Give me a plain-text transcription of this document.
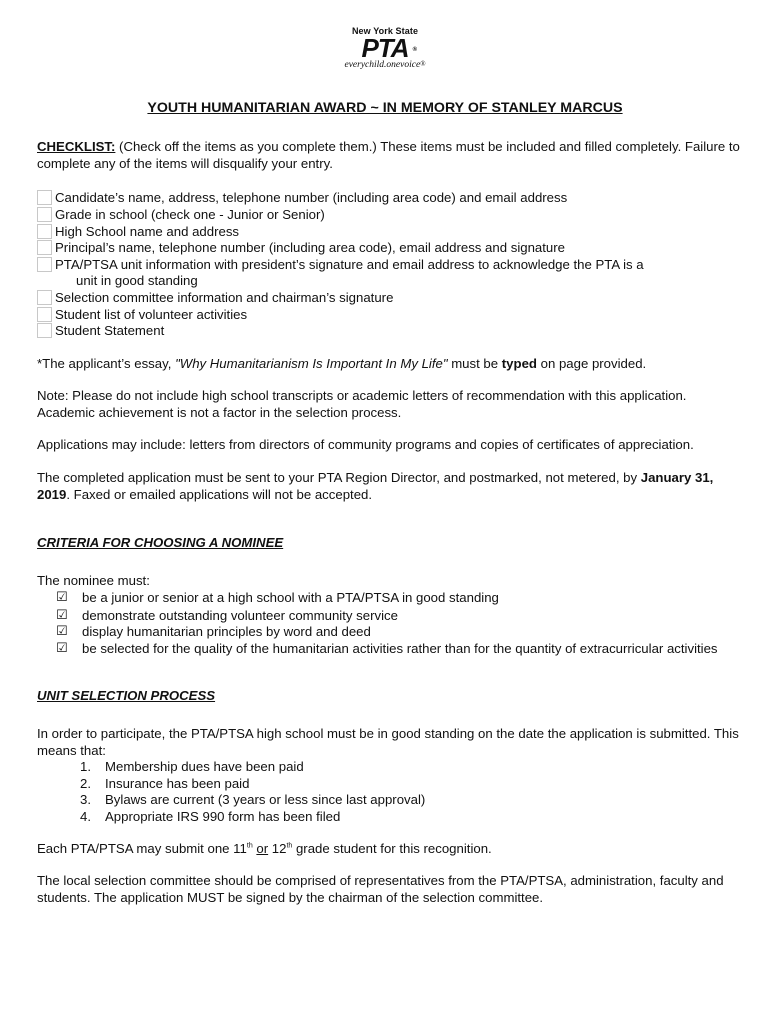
New York State
PTA ®
everychild.onevoice®
YOUTH HUMANITARIAN AWARD ~ IN MEMORY OF STANLEY MARCUS

CHECKLIST: (Check off the items as you complete them.) These items must be included and filled completely. Failure to complete any of the items will disqualify your entry.

Candidate’s name, address, telephone number (including area code) and email address
Grade in school (check one - Junior or Senior)
High School name and address
Principal’s name, telephone number (including area code), email address and signature
PTA/PTSA unit information with president’s signature and email address to acknowledge the PTA is a
unit in good standing
Selection committee information and chairman’s signature
Student list of volunteer activities
Student Statement

*The applicant’s essay, "Why Humanitarianism Is Important In My Life" must be typed on page provided.

Note: Please do not include high school transcripts or academic letters of recommendation with this application. Academic achievement is not a factor in the selection process.

Applications may include: letters from directors of community programs and copies of certificates of appreciation.

The completed application must be sent to your PTA Region Director, and postmarked, not metered, by January 31, 2019. Faxed or emailed applications will not be accepted.

CRITERIA FOR CHOOSING A NOMINEE

The nominee must:

☑	be a junior or senior at a high school with a PTA/PTSA in good standing
☑	demonstrate outstanding volunteer community service
☑	display humanitarian principles by word and deed
☑	be selected for the quality of the humanitarian activities rather than for the quantity of extracurricular activities
UNIT SELECTION PROCESS

In order to participate, the PTA/PTSA high school must be in good standing on the date the application is submitted. This means that:

1.	Membership dues have been paid
2.	Insurance has been paid
3.	Bylaws are current (3 years or less since last approval)
4.	Appropriate IRS 990 form has been filed

Each PTA/PTSA may submit one 11th or 12th grade student for this recognition.

The local selection committee should be comprised of representatives from the PTA/PTSA, administration, faculty and students. The application MUST be signed by the chairman of the selection committee.
